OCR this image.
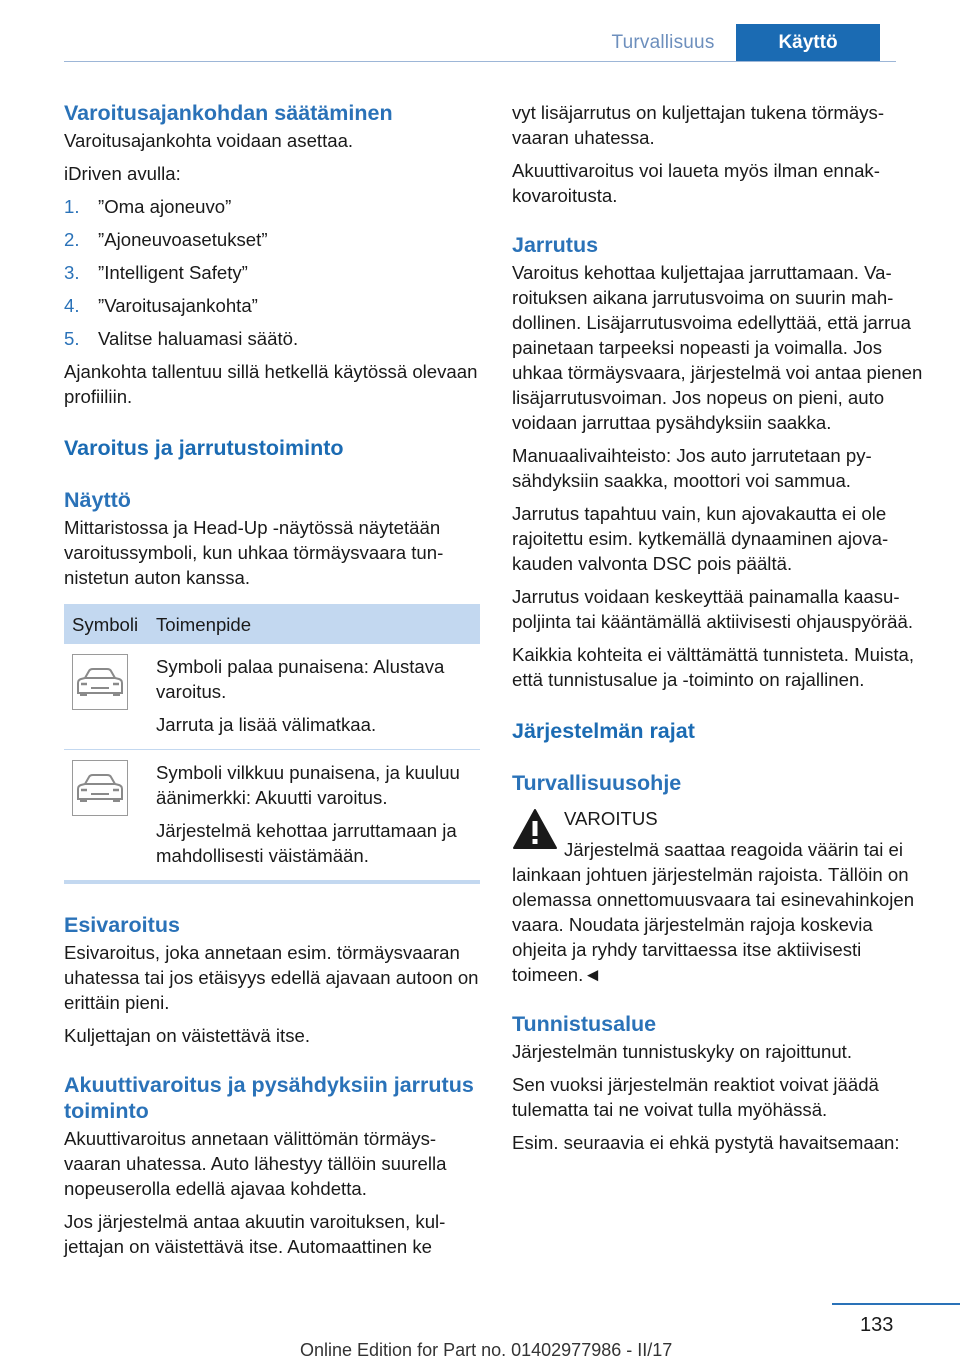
Turvallisuus	Käyttö
Varoitusajankohdan säätäminen
Varoitusajankohta voidaan asettaa.
iDriven avulla:
1. ”Oma ajoneuvo”
2. ”Ajoneuvoasetukset”
3. ”Intelligent Safety”
4. ”Varoitusajankohta”
5. Valitse haluamasi säätö.
Ajankohta tallentuu sillä hetkellä käytössä olevaan profiiliin.
Varoitus ja jarrutustoiminto
Näyttö
Mittaristossa ja Head-Up -näytössä näytetään varoitussymboli, kun uhkaa törmäysvaara tunnistetun auton kanssa.
Symboli	Toimenpide

Symboli palaa punaisena: Alustava varoitus.
Jarruta ja lisää välimatkaa.

Symboli vilkkuu punaisena, ja kuuluu äänimerkki: Akuutti varoitus.
Järjestelmä kehottaa jarruttamaan ja mahdollisesti väistämään.
Esivaroitus
Esivaroitus, joka annetaan esim. törmäysvaaran uhatessa tai jos etäisyys edellä ajavaan autoon on erittäin pieni.
Kuljettajan on väistettävä itse.
Akuuttivaroitus ja pysähdyksiin jarrutus toiminto
Akuuttivaroitus annetaan välittömän törmäysvaaran uhatessa. Auto lähestyy tällöin suurella nopeuserolla edellä ajavaa kohdetta.
Jos järjestelmä antaa akuutin varoituksen, kuljettajan on väistettävä itse. Automaattinen ke
vyt lisäjarrutus on kuljettajan tukena törmäysvaaran uhatessa.
Akuuttivaroitus voi laueta myös ilman ennakkovaroitusta.
Jarrutus
Varoitus kehottaa kuljettajaa jarruttamaan. Varoituksen aikana jarrutusvoima on suurin mahdollinen. Lisäjarrutusvoima edellyttää, että jarrua painetaan tarpeeksi nopeasti ja voimalla. Jos uhkaa törmäysvaara, järjestelmä voi antaa pienen lisäjarrutusvoiman. Jos nopeus on pieni, auto voidaan jarruttaa pysähdyksiin saakka.
Manuaalivaihteisto: Jos auto jarrutetaan pysähdyksiin saakka, moottori voi sammua.
Jarrutus tapahtuu vain, kun ajovakautta ei ole rajoitettu esim. kytkemällä dynaaminen ajovakauden valvonta DSC pois päältä.
Jarrutus voidaan keskeyttää painamalla kaasupoljinta tai kääntämällä aktiivisesti ohjauspyörää.
Kaikkia kohteita ei välttämättä tunnisteta. Muista, että tunnistusalue ja -toiminto on rajallinen.
Järjestelmän rajat
Turvallisuusohje
VAROITUS
Järjestelmä saattaa reagoida väärin tai ei
lainkaan johtuen järjestelmän rajoista. Tällöin on olemassa onnettomuusvaara tai esinevahinkojen vaara. Noudata järjestelmän rajoja koskevia ohjeita ja ryhdy tarvittaessa itse aktiivisesti toimeen.◄
Tunnistusalue
Järjestelmän tunnistuskyky on rajoittunut.
Sen vuoksi järjestelmän reaktiot voivat jäädä tulematta tai ne voivat tulla myöhässä.
Esim. seuraavia ei ehkä pystytä havaitsemaan:
133
Online Edition for Part no. 01402977986 - II/17
